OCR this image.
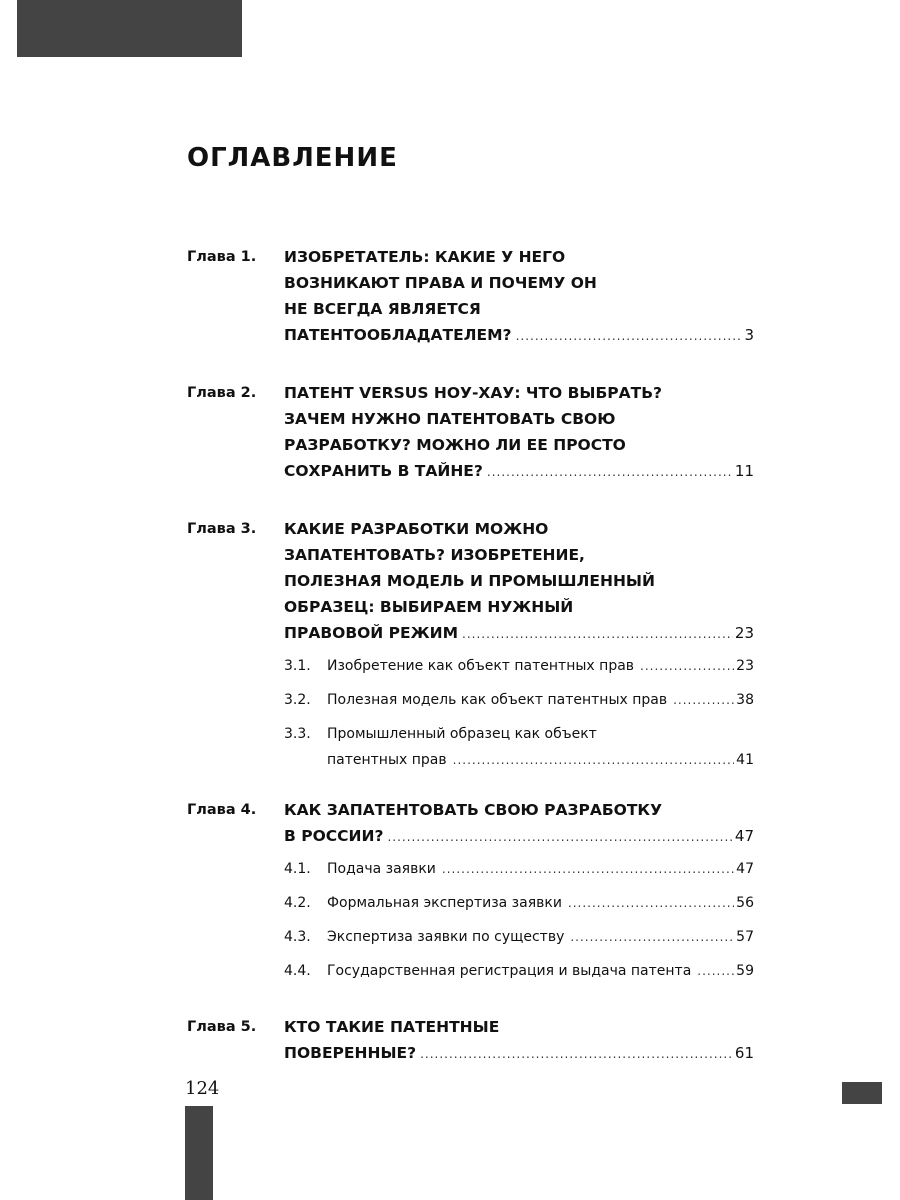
ОГЛАВЛЕНИЕ
Глава 1. ИЗОБРЕТАТЕЛЬ: КАКИЕ У НЕГО
ВОЗНИКАЮТ ПРАВА И ПОЧЕМУ ОН
НЕ ВСЕГДА ЯВЛЯЕТСЯ
ПАТЕНТООБЛАДАТЕЛЕМ? .....	3
Глава 2. ПАТЕНТ VERSUS НОУ-ХАУ: ЧТО ВЫБРАТЬ?
ЗАЧЕМ НУЖНО ПАТЕНТОВАТЬ СВОЮ
РАЗРАБОТКУ? МОЖНО ЛИ ЕЕ ПРОСТО
СОХРАНИТЬ В ТАЙНЕ? .....	11
Глава 3. КАКИЕ РАЗРАБОТКИ МОЖНО
ЗАПАТЕНТОВАТЬ? ИЗОБРЕТЕНИЕ,
ПОЛЕЗНАЯ МОДЕЛЬ И ПРОМЫШЛЕННЫЙ
ОБРАЗЕЦ: ВЫБИРАЕМ НУЖНЫЙ
ПРАВОВОЙ РЕЖИМ .....	23
3.1. Изобретение как объект патентных прав .....	23
3.2. Полезная модель как объект патентных прав .....	38
3.3. Промышленный образец как объект
патентных прав .....	41
Глава 4. КАК ЗАПАТЕНТОВАТЬ СВОЮ РАЗРАБОТКУ
В РОССИИ? .....	47
4.1. Подача заявки .....	47
4.2. Формальная экспертиза заявки .....	56
4.3. Экспертиза заявки по существу .....	57
4.4. Государственная регистрация и выдача патента .....	59
Глава 5. КТО ТАКИЕ ПАТЕНТНЫЕ
ПОВЕРЕННЫЕ? .....	61
124
